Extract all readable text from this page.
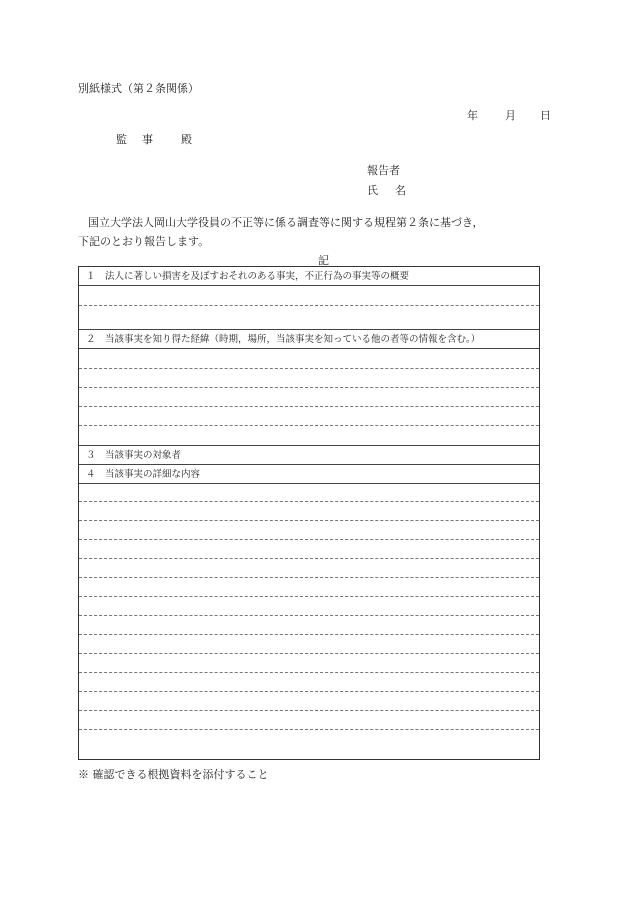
別紙様式（第２条関係）
年 月 日
監　事　　殿
報告者
氏　名
国立大学法人岡山大学役員の不正等に係る調査等に関する規程第２条に基づき，
下記のとおり報告します。
記
１　法人に著しい損害を及ぼすおそれのある事実，不正行為の事実等の概要
２　当該事実を知り得た経緯（時期，場所，当該事実を知っている他の者等の情報を含む。）
３　当該事実の対象者
４　当該事実の詳細な内容
※ 確認できる根拠資料を添付すること
